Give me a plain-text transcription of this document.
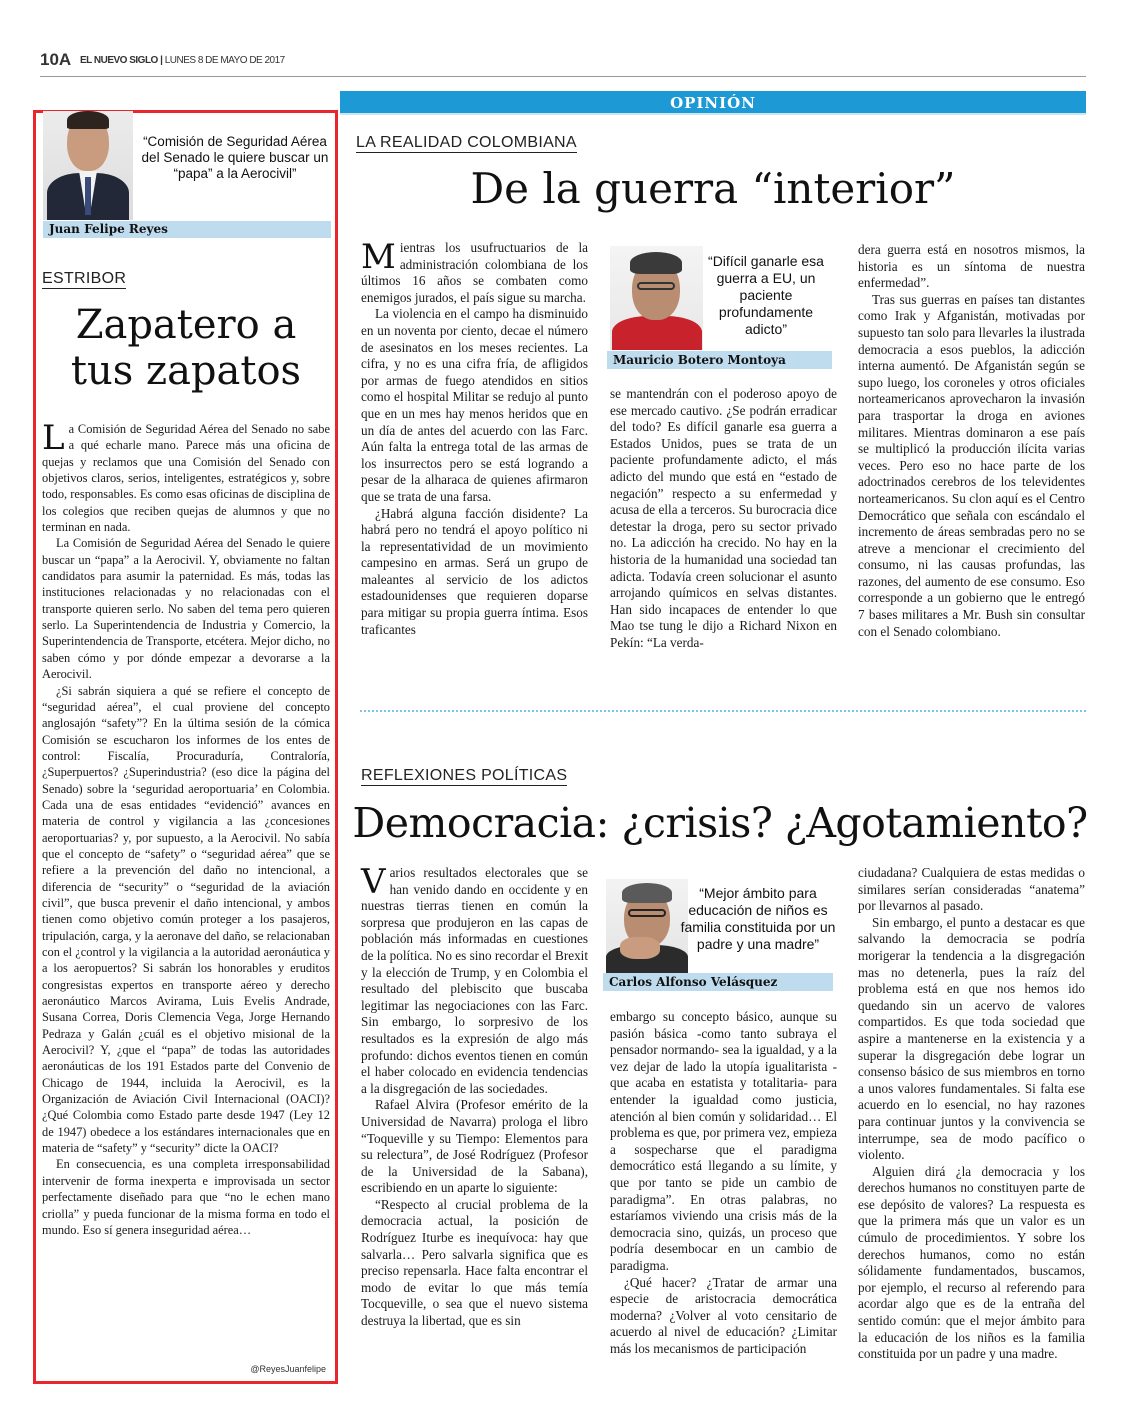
10A EL NUEVO SIGLO | LUNES 8 DE MAYO DE 2017
OPINIÓN
“Comisión de Seguridad Aérea del Senado le quiere buscar un “papa” a la Aerocivil”
Juan Felipe Reyes
ESTRIBOR
Zapatero a tus zapatos

La Comisión de Seguridad Aérea del Senado no sabe a qué echarle mano. Parece más una oficina de quejas y reclamos que una Comisión del Senado con objetivos claros, serios, inteligentes, estratégicos y, sobre todo, responsables. Es como esas oficinas de disciplina de los colegios que reciben quejas de alumnos y que no terminan en nada.

La Comisión de Seguridad Aérea del Senado le quiere buscar un “papa” a la Aerocivil. Y, obviamente no faltan candidatos para asumir la paternidad. Es más, todas las instituciones relacionadas y no relacionadas con el transporte quieren serlo. No saben del tema pero quieren serlo. La Superintendencia de Industria y Comercio, la Superintendencia de Transporte, etcétera. Mejor dicho, no saben cómo y por dónde empezar a devorarse a la Aerocivil.

¿Si sabrán siquiera a qué se refiere el concepto de “seguridad aérea”, el cual proviene del concepto anglosajón “safety”? En la última sesión de la cómica Comisión se escucharon los informes de los entes de control: Fiscalía, Procuraduría, Contraloría, ¿Superpuertos? ¿Superindustria? (eso dice la página del Senado) sobre la ‘seguridad aeroportuaria’ en Colombia. Cada una de esas entidades “evidenció” avances en materia de control y vigilancia a las ¿concesiones aeroportuarias? y, por supuesto, a la Aerocivil. No sabía que el concepto de “safety” o “seguridad aérea” que se refiere a la prevención del daño no intencional, a diferencia de “security” o “seguridad de la aviación civil”, que busca prevenir el daño intencional, y ambos tienen como objetivo común proteger a los pasajeros, tripulación, carga, y la aeronave del daño, se relacionaban con el ¿control y la vigilancia a la autoridad aeronáutica y a los aeropuertos? Si sabrán los honorables y eruditos congresistas expertos en transporte aéreo y derecho aeronáutico Marcos Avirama, Luis Evelis Andrade, Susana Correa, Doris Clemencia Vega, Jorge Hernando Pedraza y Galán ¿cuál es el objetivo misional de la Aerocivil? Y, ¿que el “papa” de todas las autoridades aeronáuticas de los 191 Estados parte del Convenio de Chicago de 1944, incluida la Aerocivil, es la Organización de Aviación Civil Internacional (OACI)? ¿Qué Colombia como Estado parte desde 1947 (Ley 12 de 1947) obedece a los estándares internacionales que en materia de “safety” y “security” dicte la OACI?

En consecuencia, es una completa irresponsabilidad intervenir de forma inexperta e improvisada un sector perfectamente diseñado para que “no le echen mano criolla” y pueda funcionar de la misma forma en todo el mundo. Eso sí genera inseguridad aérea…

@ReyesJuanfelipe
LA REALIDAD COLOMBIANA
De la guerra “interior”

Mientras los usufructuarios de la administración colombiana de los últimos 16 años se combaten como enemigos jurados, el país sigue su marcha.

La violencia en el campo ha disminuido en un noventa por ciento, decae el número de asesinatos en los meses recientes. La cifra, y no es una cifra fría, de afligidos por armas de fuego atendidos en sitios como el hospital Militar se redujo al punto que en un mes hay menos heridos que en un día de antes del acuerdo con las Farc. Aún falta la entrega total de las armas de los insurrectos pero se está logrando a pesar de la alharaca de quienes afirmaron que se trata de una farsa.

¿Habrá alguna facción disidente? La habrá pero no tendrá el apoyo político ni la representatividad de un movimiento campesino en armas. Será un grupo de maleantes al servicio de los adictos estadounidenses que requieren doparse para mitigar su propia guerra íntima. Esos traficantes

“Difícil ganarle esa guerra a EU, un paciente profundamente adicto”
Mauricio Botero Montoya

se mantendrán con el poderoso apoyo de ese mercado cautivo. ¿Se podrán erradicar del todo? Es difícil ganarle esa guerra a Estados Unidos, pues se trata de un paciente profundamente adicto, el más adicto del mundo que está en “estado de negación” respecto a su enfermedad y acusa de ella a terceros. Su burocracia dice detestar la droga, pero su sector privado no. La adicción ha crecido. No hay en la historia de la humanidad una sociedad tan adicta. Todavía creen solucionar el asunto arrojando químicos en selvas distantes. Han sido incapaces de entender lo que Mao tse tung le dijo a Richard Nixon en Pekín: “La verda-

dera guerra está en nosotros mismos, la historia es un síntoma de nuestra enfermedad”.

Tras sus guerras en países tan distantes como Irak y Afganistán, motivadas por supuesto tan solo para llevarles la ilustrada democracia a esos pueblos, la adicción interna aumentó. De Afganistán según se supo luego, los coroneles y otros oficiales norteamericanos aprovecharon la invasión para trasportar la droga en aviones militares. Mientras dominaron a ese país se multiplicó la producción ilícita varias veces. Pero eso no hace parte de los adoctrinados cerebros de los televidentes norteamericanos. Su clon aquí es el Centro Democrático que señala con escándalo el incremento de áreas sembradas pero no se atreve a mencionar el crecimiento del consumo, ni las causas profundas, las razones, del aumento de ese consumo. Eso corresponde a un gobierno que le entregó 7 bases militares a Mr. Bush sin consultar con el Senado colombiano.

REFLEXIONES POLÍTICAS
Democracia: ¿crisis? ¿Agotamiento?

Varios resultados electorales que se han venido dando en occidente y en nuestras tierras tienen en común la sorpresa que produjeron en las capas de población más informadas en cuestiones de la política. No es sino recordar el Brexit y la elección de Trump, y en Colombia el resultado del plebiscito que buscaba legitimar las negociaciones con las Farc. Sin embargo, lo sorpresivo de los resultados es la expresión de algo más profundo: dichos eventos tienen en común el haber colocado en evidencia tendencias a la disgregación de las sociedades.

Rafael Alvira (Profesor emérito de la Universidad de Navarra) prologa el libro “Toqueville y su Tiempo: Elementos para su relectura”, de José Rodríguez (Profesor de la Universidad de la Sabana), escribiendo en un aparte lo siguiente:

“Respecto al crucial problema de la democracia actual, la posición de Rodríguez Iturbe es inequívoca: hay que salvarla… Pero salvarla significa que es preciso repensarla. Hace falta encontrar el modo de evitar lo que más temía Tocqueville, o sea que el nuevo sistema destruya la libertad, que es sin

“Mejor ámbito para educación de niños es familia constituida por un padre y una madre”
Carlos Alfonso Velásquez

embargo su concepto básico, aunque su pasión básica -como tanto subraya el pensador normando- sea la igualdad, y a la vez dejar de lado la utopía igualitarista -que acaba en estatista y totalitaria- para entender la igualdad como justicia, atención al bien común y solidaridad… El problema es que, por primera vez, empieza a sospecharse que el paradigma democrático está llegando a su límite, y que por tanto se pide un cambio de paradigma”. En otras palabras, no estaríamos viviendo una crisis más de la democracia sino, quizás, un proceso que podría desembocar en un cambio de paradigma.

¿Qué hacer? ¿Tratar de armar una especie de aristocracia democrática moderna? ¿Volver al voto censitario de acuerdo al nivel de educación? ¿Limitar más los mecanismos de participación

ciudadana? Cualquiera de estas medidas o similares serían consideradas “anatema” por llevarnos al pasado.

Sin embargo, el punto a destacar es que salvando la democracia se podría morigerar la tendencia a la disgregación mas no detenerla, pues la raíz del problema está en que nos hemos ido quedando sin un acervo de valores compartidos. Es que toda sociedad que aspire a mantenerse en la existencia y a superar la disgregación debe lograr un consenso básico de sus miembros en torno a unos valores fundamentales. Si falta ese acuerdo en lo esencial, no hay razones para continuar juntos y la convivencia se interrumpe, sea de modo pacífico o violento.

Alguien dirá ¿la democracia y los derechos humanos no constituyen parte de ese depósito de valores? La respuesta es que la primera más que un valor es un cúmulo de procedimientos. Y sobre los derechos humanos, como no están sólidamente fundamentados, buscamos, por ejemplo, el recurso al referendo para acordar algo que es de la entraña del sentido común: que el mejor ámbito para la educación de los niños es la familia constituida por un padre y una madre.
